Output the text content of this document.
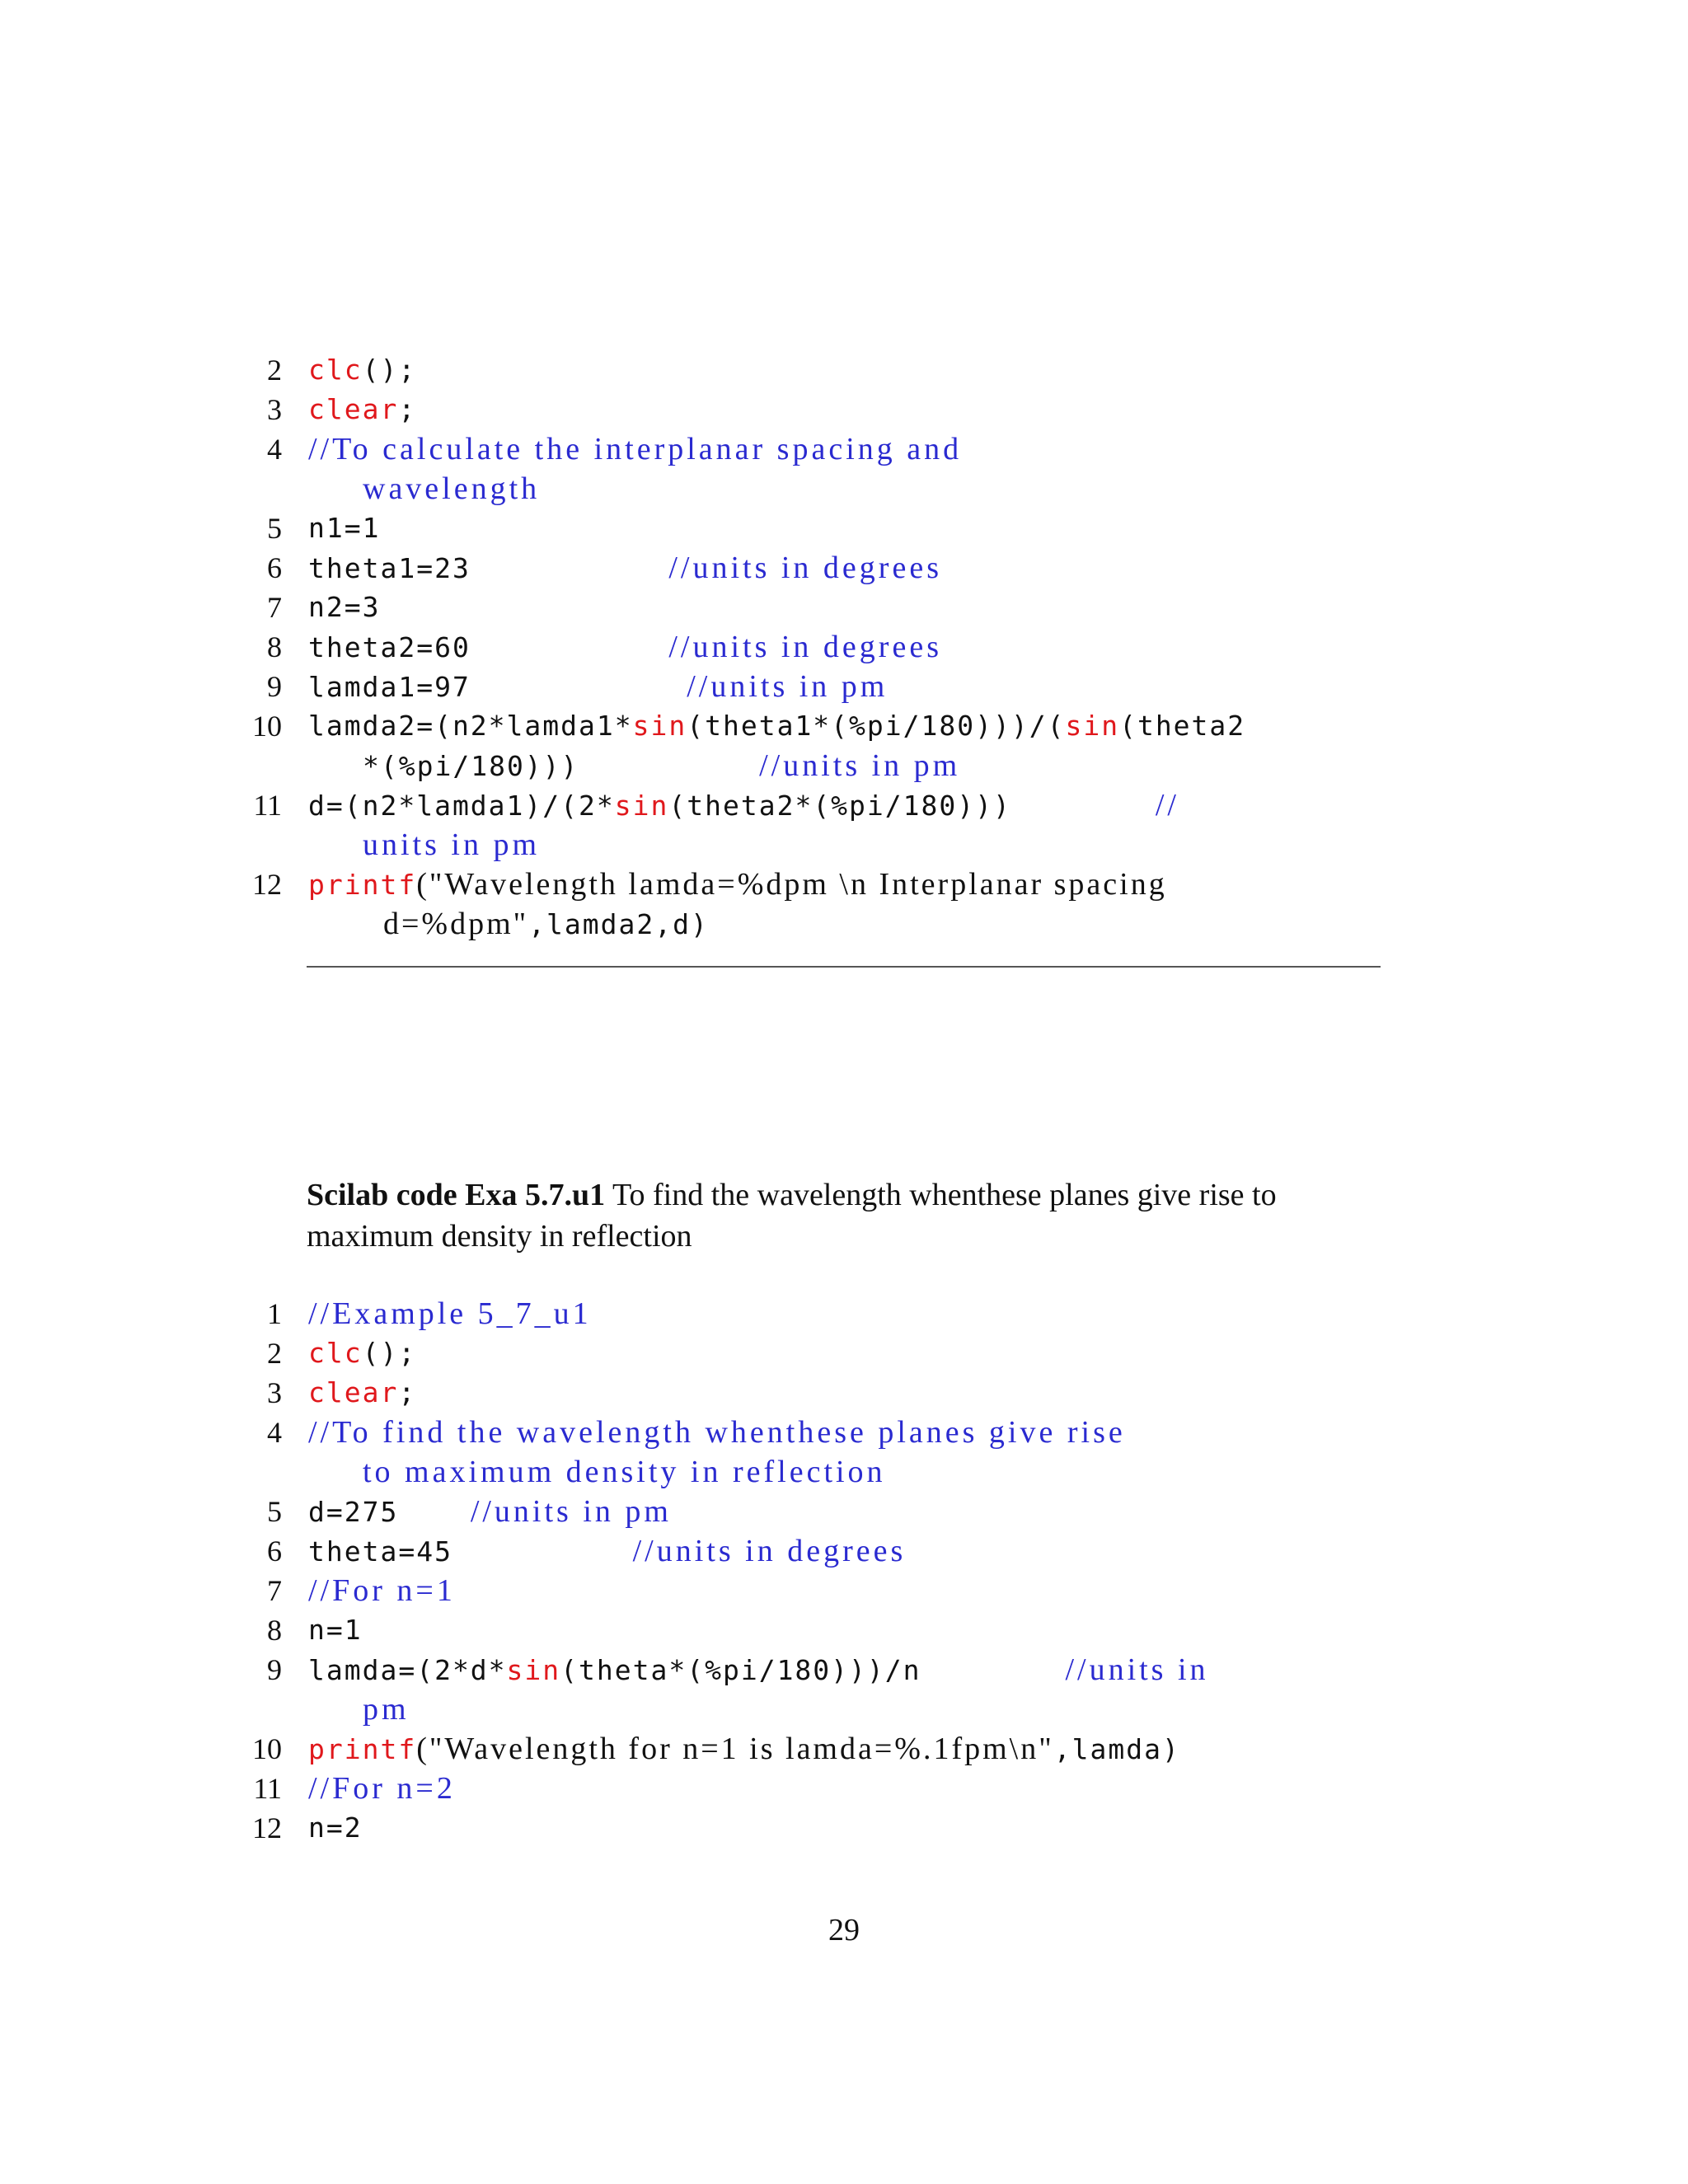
2 clc();
3 clear;
4 //To calculate the interplanar spacing and
wavelength
5 n1=1
6 theta1=23           //units in degrees
7 n2=3
8 theta2=60           //units in degrees
9 lamda1=97            //units in pm
10 lamda2=(n2*lamda1*sin(theta1*(%pi/180)))/(sin(theta2
*(%pi/180)))          //units in pm
11 d=(n2*lamda1)/(2*sin(theta2*(%pi/180)))        //
units in pm
12 printf("Wavelength lamda=%dpm \n Interplanar spacing
d=%dpm",lamda2,d)
Scilab code Exa 5.7.u1 To find the wavelength whenthese planes give rise to maximum density in reflection
1 //Example 5_7_u1
2 clc();
3 clear;
4 //To find the wavelength whenthese planes give rise
to maximum density in reflection
5 d=275    //units in pm
6 theta=45          //units in degrees
7 //For n=1
8 n=1
9 lamda=(2*d*sin(theta*(%pi/180)))/n        //units in
pm
10 printf("Wavelength for n=1 is lamda=%.1fpm\n",lamda)
11 //For n=2
12 n=2
29
